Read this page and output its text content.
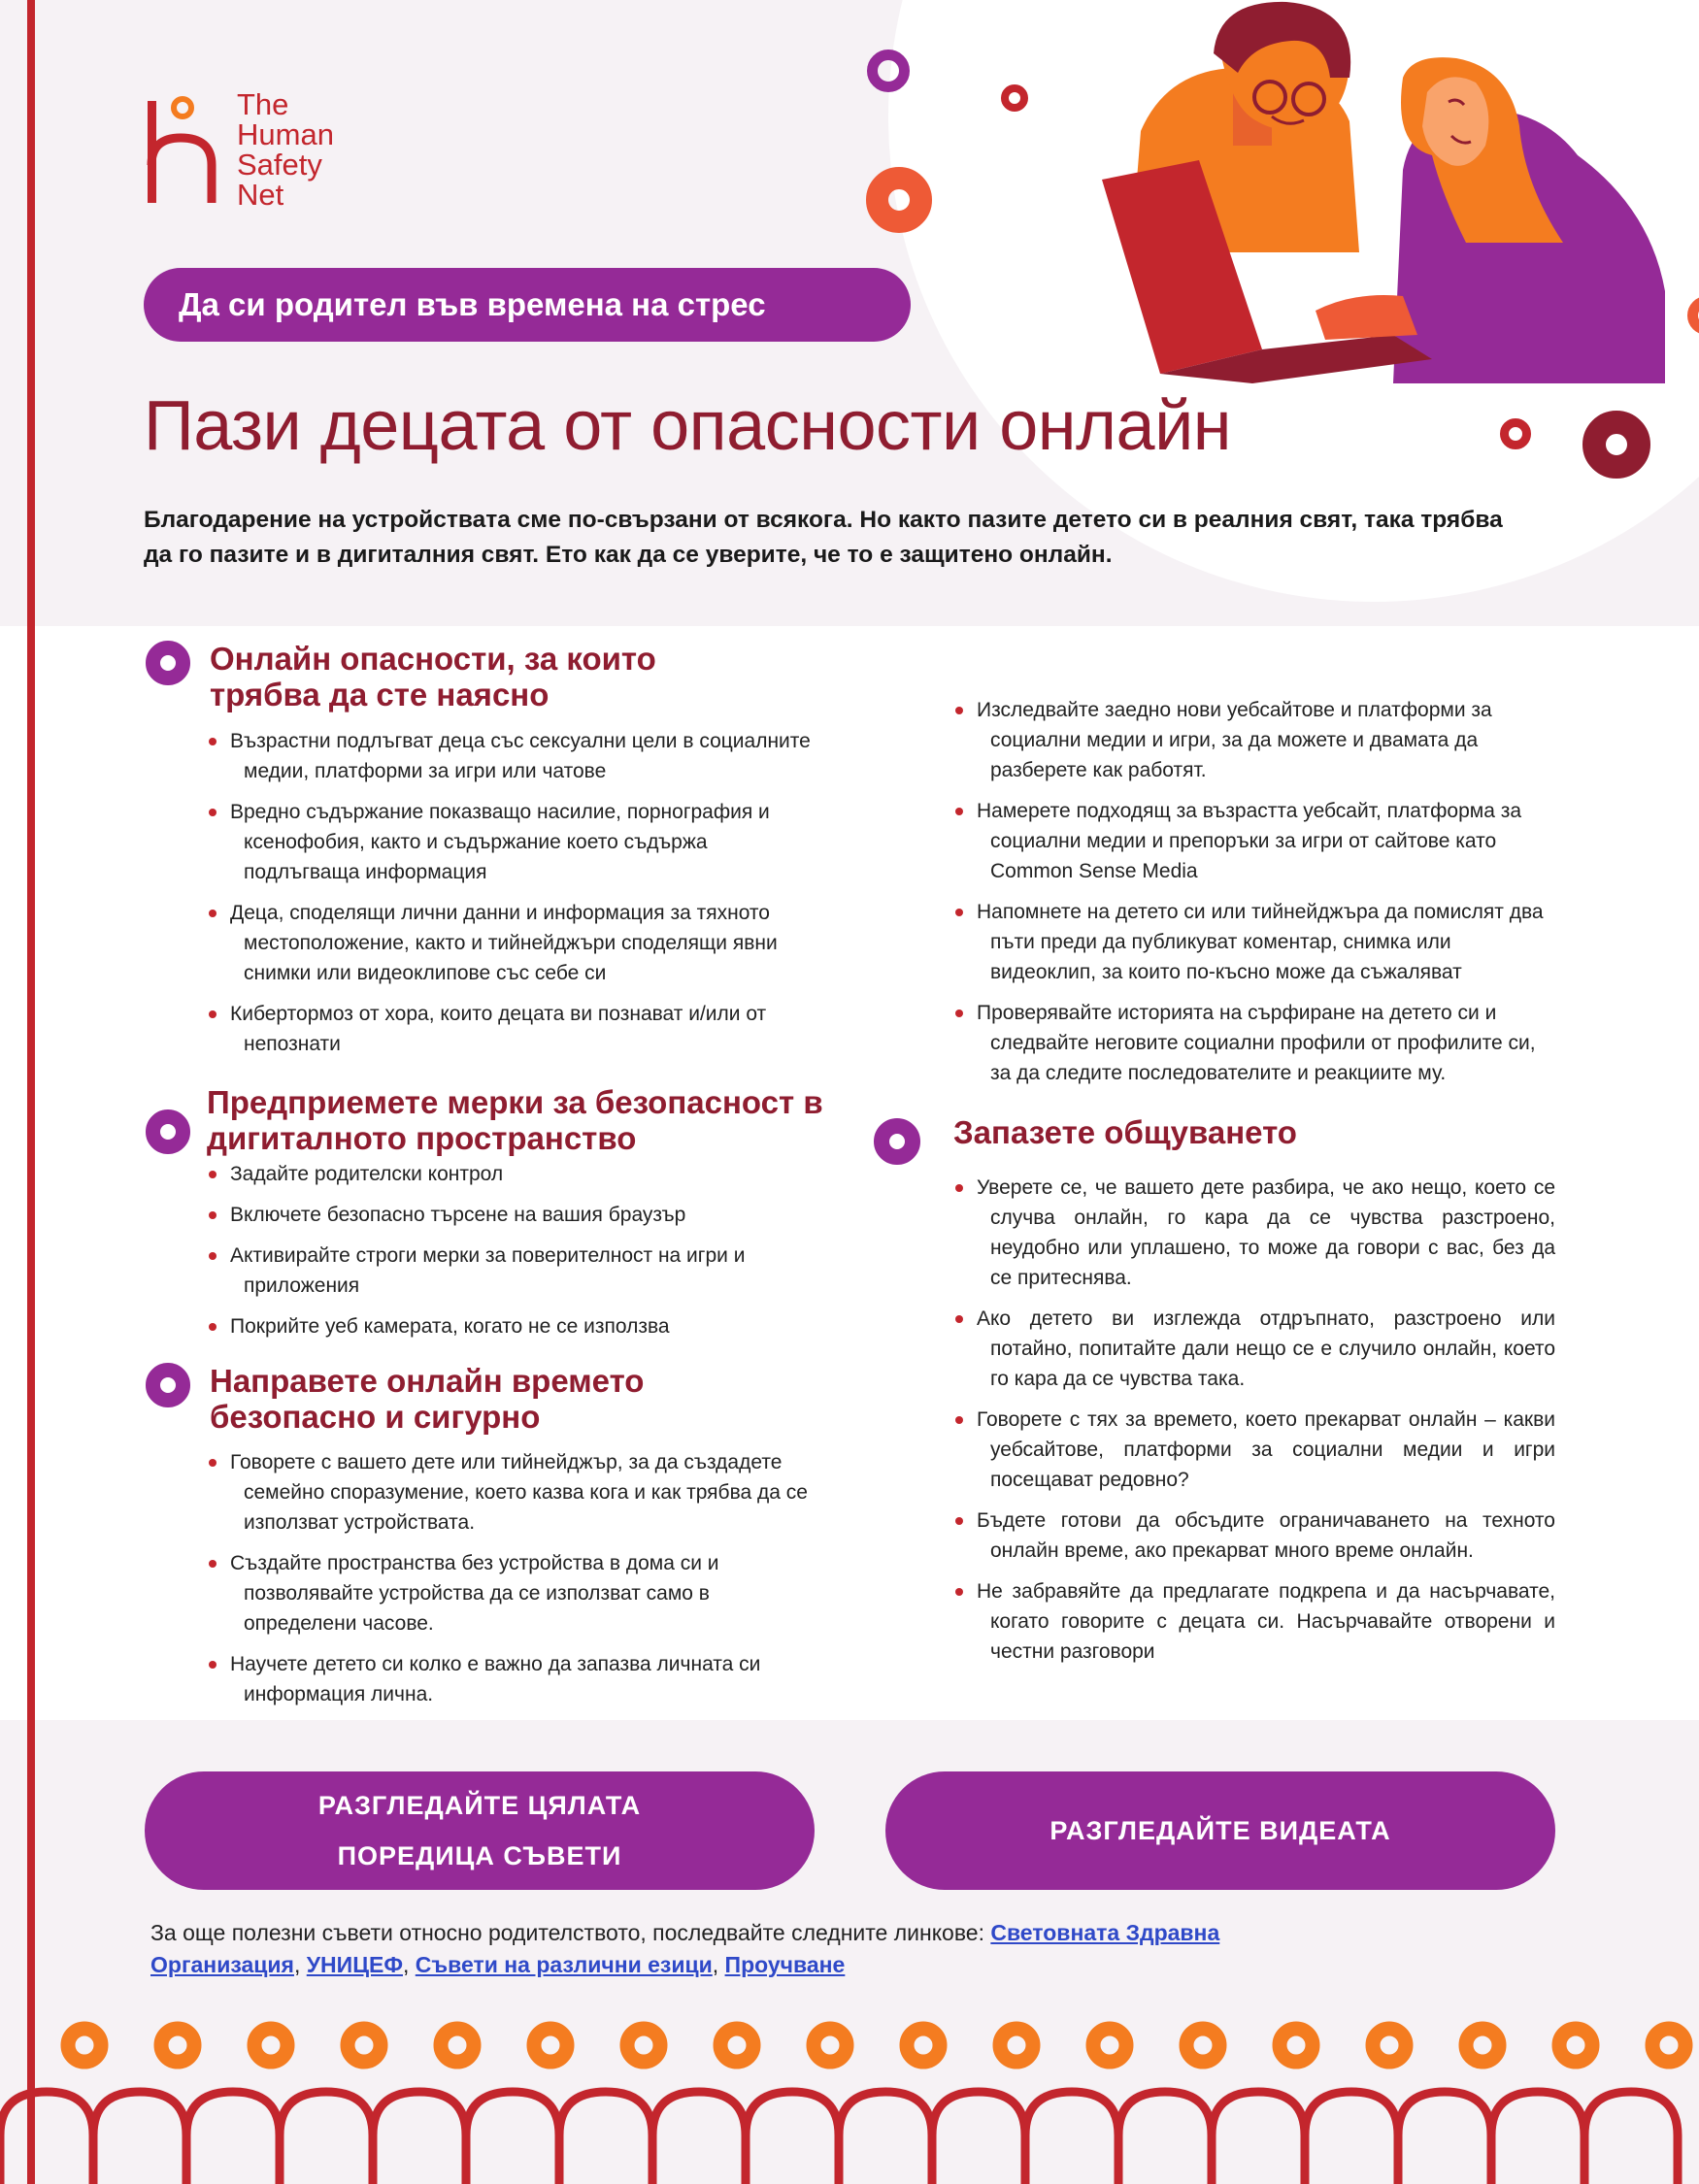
The
Human
Safety
Net
Да си родител във времена на стрес
Пази децата от опасности онлайн
Благодарение на устройствата сме по-свързани от всякога. Но както пазите детето си в реалния свят, така трябва да го пазите и в дигиталния свят. Ето как да се уверите, че то е защитено онлайн.
Онлайн опасности, за които трябва да сте наясно
Възрастни подлъгват деца със сексуални цели в социалните медии, платформи за игри или чатове
Вредно съдържание показващо насилие, порнография и ксенофобия, както и съдържание което съдържа подлъгваща информация
Деца, споделящи лични данни и информация за тяхното местоположение, както и тийнейджъри споделящи явни снимки или видеоклипове със себе си
Кибертормоз от хора, които децата ви познават и/или от непознати
Предприемете мерки за безопасност в дигиталното пространство
Задайте родителски контрол
Включете безопасно търсене на вашия браузър
Активирайте строги мерки за поверителност на игри и приложения
Покрийте уеб камерата, когато не се използва
Направете онлайн времето безопасно и сигурно
Говорете с вашето дете или тийнейджър, за да създадете семейно споразумение, което казва кога и как трябва да се използват устройствата.
Създайте пространства без устройства в дома си и позволявайте устройства да се използват само в определени часове.
Научете детето си колко е важно да запазва личната си информация лична.
Изследвайте заедно нови уебсайтове и платформи за социални медии и игри, за да можете и двамата да разберете как работят.
Намерете подходящ за възрастта уебсайт, платформа за социални медии и препоръки за игри от сайтове като Common Sense Media
Напомнете на детето си или тийнейджъра да помислят два пъти преди да публикуват коментар, снимка или видеоклип, за които по-късно може да съжаляват
Проверявайте историята на сърфиране на детето си и следвайте неговите социални профили от профилите си, за да следите последователите и реакциите му.
Запазете общуването
Уверете се, че вашето дете разбира, че ако нещо, което се случва онлайн, го кара да се чувства разстроено, неудобно или уплашено, то може да говори с вас, без да се притеснява.
Ако детето ви изглежда отдръпнато, разстроено или потайно, попитайте дали нещо се е случило онлайн, което го кара да се чувства така.
Говорете с тях за времето, което прекарват онлайн – какви уебсайтове, платформи за социални медии и игри посещават редовно?
Бъдете готови да обсъдите ограничаването на техното онлайн време, ако прекарват много време онлайн.
Не забравяйте да предлагате подкрепа и да насърчавате, когато говорите с децата си. Насърчавайте отворени и честни разговори
РАЗГЛЕДАЙТЕ ЦЯЛАТА
ПОРЕДИЦА СЪВЕТИ
РАЗГЛЕДАЙТЕ ВИДЕАТА
За още полезни съвети относно родителството, последвайте следните линкове: Световната Здравна Организация, УНИЦЕФ, Съвети на различни езици, Проучване
